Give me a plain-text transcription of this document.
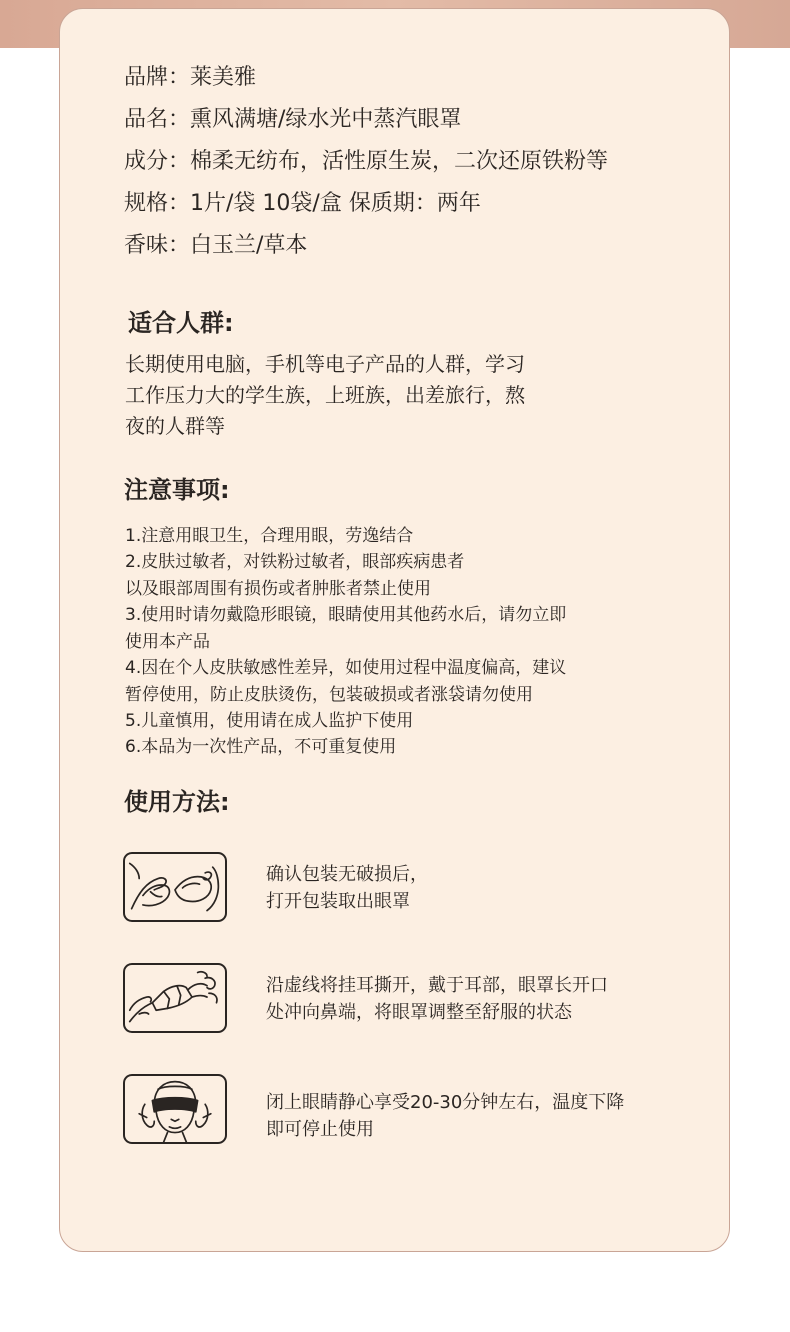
品牌：莱美雅
品名：熏风满塘/绿水光中蒸汽眼罩
成分：棉柔无纺布，活性原生炭，二次还原铁粉等
规格：1片/袋 10袋/盒 保质期：两年
香味：白玉兰/草本
适合人群:
长期使用电脑，手机等电子产品的人群，学习
工作压力大的学生族，上班族，出差旅行，熬
夜的人群等
注意事项:
1.注意用眼卫生，合理用眼，劳逸结合
2.皮肤过敏者，对铁粉过敏者，眼部疾病患者
以及眼部周围有损伤或者肿胀者禁止使用
3.使用时请勿戴隐形眼镜，眼睛使用其他药水后，请勿立即
使用本产品
4.因在个人皮肤敏感性差异，如使用过程中温度偏高，建议
暂停使用，防止皮肤烫伤，包装破损或者涨袋请勿使用
5.儿童慎用，使用请在成人监护下使用
6.本品为一次性产品，不可重复使用
使用方法:
确认包装无破损后，
打开包装取出眼罩
沿虚线将挂耳撕开，戴于耳部，眼罩长开口
处冲向鼻端，将眼罩调整至舒服的状态
闭上眼睛静心享受20-30分钟左右，温度下降
即可停止使用
